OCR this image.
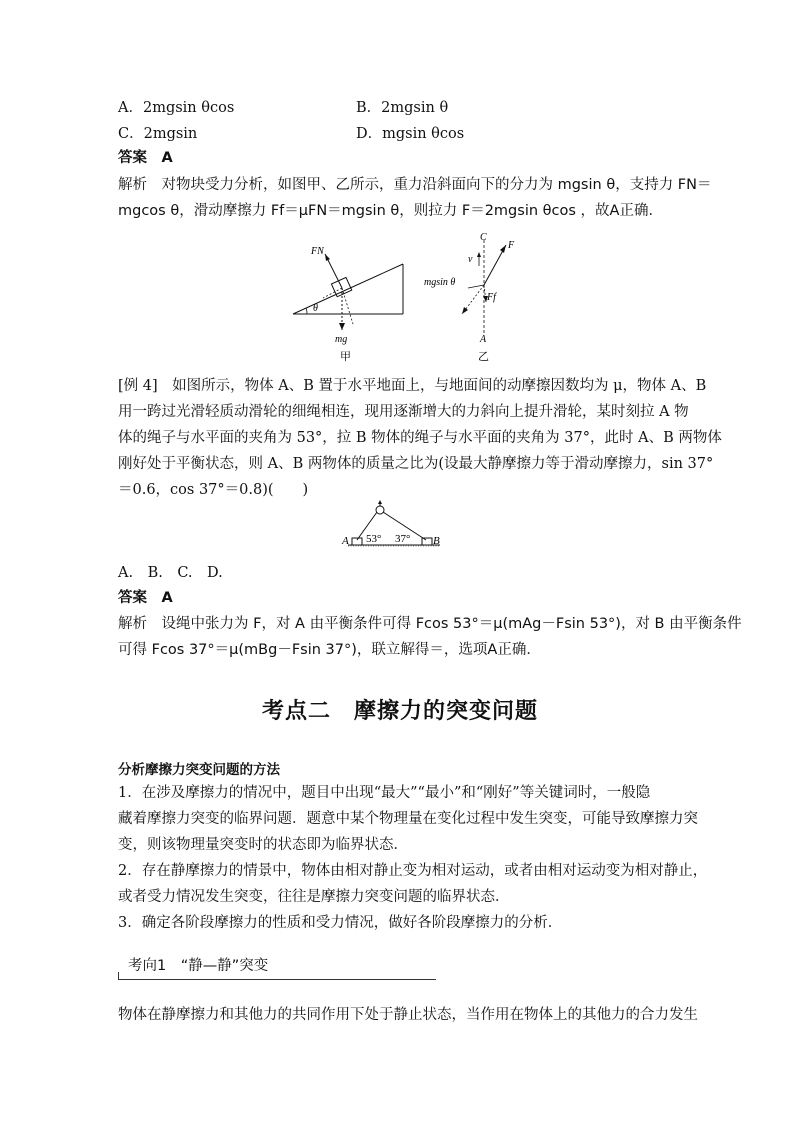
A．2mgsin θcos	B．2mgsin θ
C．2mgsin	D．mgsin θcos
答案　A
解析　对物块受力分析，如图甲、乙所示，重力沿斜面向下的分力为 mgsin θ，支持力 FN＝
mgcos θ，滑动摩擦力 Ff＝μFN＝mgsin θ，则拉力 F＝2mgsin θcos ，故A正确．
FN
θ
mg
甲
C
F
v
mgsin θ
Ff
A
乙
[例 4]　如图所示，物体 A、B 置于水平地面上，与地面间的动摩擦因数均为 μ，物体 A、B
用一跨过光滑轻质动滑轮的细绳相连，现用逐渐增大的力斜向上提升滑轮，某时刻拉 A 物
体的绳子与水平面的夹角为 53°，拉 B 物体的绳子与水平面的夹角为 37°，此时 A、B 两物体
刚好处于平衡状态，则 A、B 两物体的质量之比为(设最大静摩擦力等于滑动摩擦力，sin 37°
＝0.6，cos 37°＝0.8)(　　)
A 53° 37° B
A.　B.　C.　D.
答案　A
解析　设绳中张力为 F，对 A 由平衡条件可得 Fcos 53°＝μ(mAg－Fsin 53°)，对 B 由平衡条件
可得 Fcos 37°＝μ(mBg－Fsin 37°)，联立解得＝，选项A正确．
考点二　摩擦力的突变问题
分析摩擦力突变问题的方法
1．在涉及摩擦力的情况中，题目中出现“最大”“最小”和“刚好”等关键词时，一般隐
藏着摩擦力突变的临界问题．题意中某个物理量在变化过程中发生突变，可能导致摩擦力突
变，则该物理量突变时的状态即为临界状态．
2．存在静摩擦力的情景中，物体由相对静止变为相对运动，或者由相对运动变为相对静止，
或者受力情况发生突变，往往是摩擦力突变问题的临界状态．
3．确定各阶段摩擦力的性质和受力情况，做好各阶段摩擦力的分析．
考向1　“静—静”突变
物体在静摩擦力和其他力的共同作用下处于静止状态，当作用在物体上的其他力的合力发生
